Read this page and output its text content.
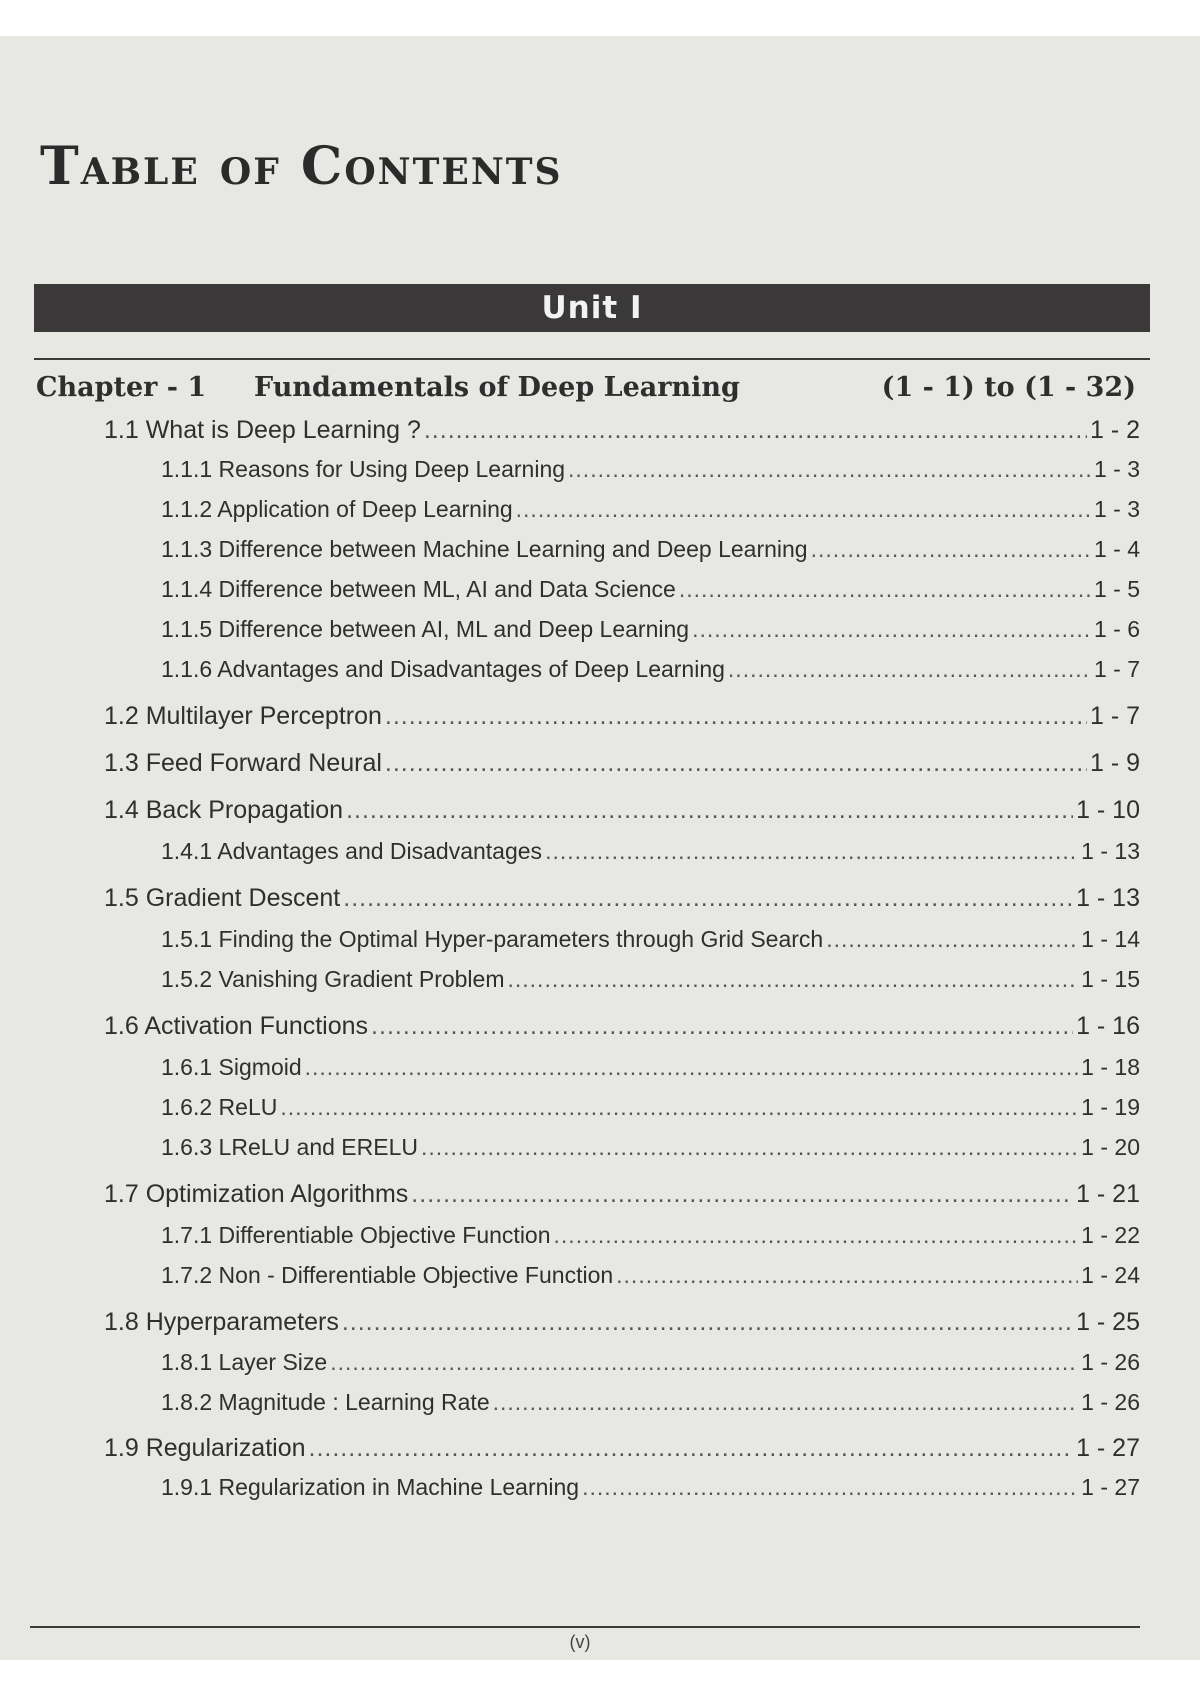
Table of Contents
Unit I
Chapter - 1 Fundamentals of Deep Learning	(1 - 1) to (1 - 32)
1.1 What is Deep Learning ? .....	1 - 2
1.1.1 Reasons for Using Deep Learning .....	1 - 3
1.1.2 Application of Deep Learning .....	1 - 3
1.1.3 Difference between Machine Learning and Deep Learning .....	1 - 4
1.1.4 Difference between ML, AI and Data Science .....	1 - 5
1.1.5 Difference between AI, ML and Deep Learning .....	1 - 6
1.1.6 Advantages and Disadvantages of Deep Learning .....	1 - 7
1.2 Multilayer Perceptron .....	1 - 7
1.3 Feed Forward Neural .....	1 - 9
1.4 Back Propagation .....	1 - 10
1.4.1 Advantages and Disadvantages .....	1 - 13
1.5 Gradient Descent .....	1 - 13
1.5.1 Finding the Optimal Hyper-parameters through Grid Search .....	1 - 14
1.5.2 Vanishing Gradient Problem .....	1 - 15
1.6 Activation Functions .....	1 - 16
1.6.1 Sigmoid .....	1 - 18
1.6.2 ReLU .....	1 - 19
1.6.3 LReLU and ERELU .....	1 - 20
1.7 Optimization Algorithms .....	1 - 21
1.7.1 Differentiable Objective Function .....	1 - 22
1.7.2 Non - Differentiable Objective Function .....	1 - 24
1.8 Hyperparameters .....	1 - 25
1.8.1 Layer Size .....	1 - 26
1.8.2 Magnitude : Learning Rate .....	1 - 26
1.9 Regularization .....	1 - 27
1.9.1 Regularization in Machine Learning .....	1 - 27
(v)
